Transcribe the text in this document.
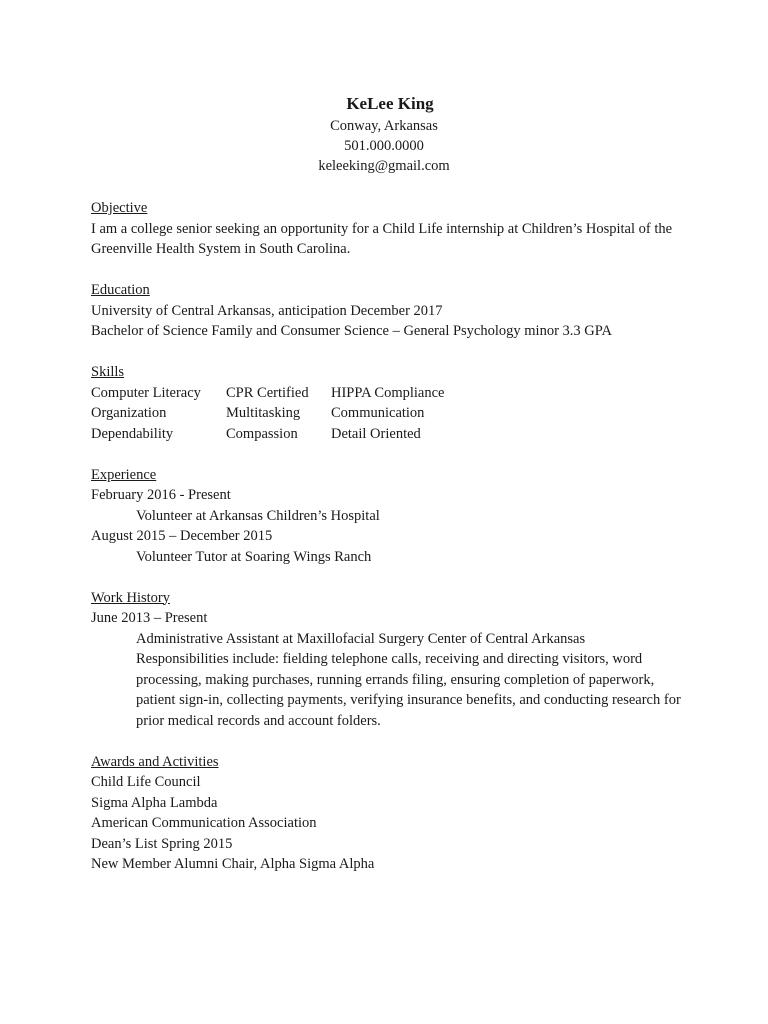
KeLee King
Conway, Arkansas
501.000.0000
keleeking@gmail.com
Objective
I am a college senior seeking an opportunity for a Child Life internship at Children’s Hospital of the Greenville Health System in South Carolina.
Education
University of Central Arkansas, anticipation December 2017
Bachelor of Science Family and Consumer Science – General Psychology minor 3.3 GPA
Skills
Computer Literacy	CPR Certified	HIPPA Compliance
Organization	Multitasking	Communication
Dependability	Compassion	Detail Oriented
Experience
February 2016 - Present
Volunteer at Arkansas Children’s Hospital
August 2015 – December 2015
Volunteer Tutor at Soaring Wings Ranch
Work History
June 2013 – Present
Administrative Assistant at Maxillofacial Surgery Center of Central Arkansas
Responsibilities include: fielding telephone calls, receiving and directing visitors, word processing, making purchases, running errands filing, ensuring completion of paperwork, patient sign-in, collecting payments, verifying insurance benefits, and conducting research for prior medical records and account folders.
Awards and Activities
Child Life Council
Sigma Alpha Lambda
American Communication Association
Dean’s List Spring 2015
New Member Alumni Chair, Alpha Sigma Alpha
